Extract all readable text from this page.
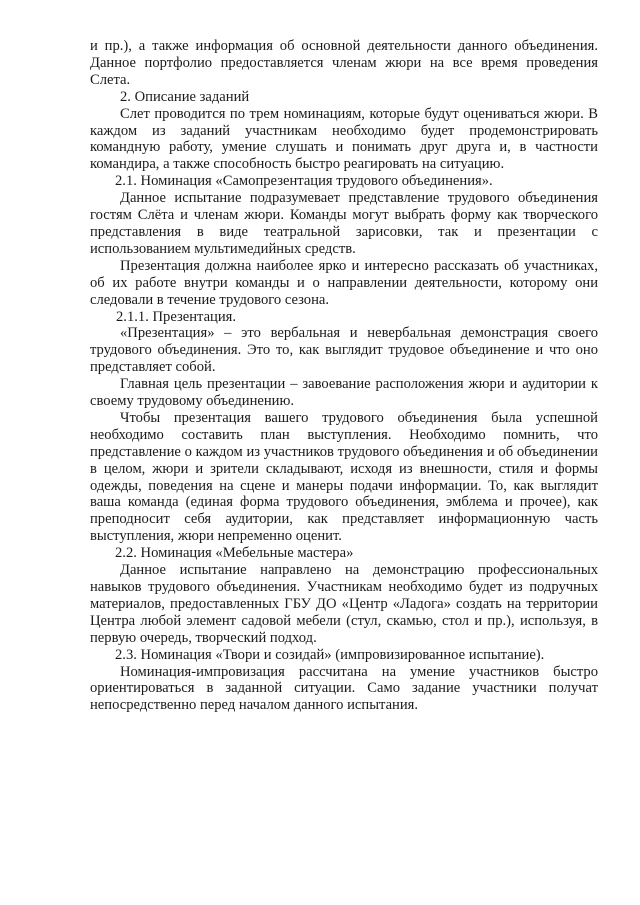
и пр.), а также информация об основной деятельности данного объединения. Данное портфолио предоставляется членам жюри на все время проведения Слета.

2. Описание заданий

Слет проводится по трем номинациям, которые будут оцениваться жюри. В каждом из заданий участникам необходимо будет продемонстрировать командную работу, умение слушать и понимать друг друга и, в частности командира, а также способность быстро реагировать на ситуацию.

2.1. Номинация «Самопрезентация трудового объединения».

Данное испытание подразумевает представление трудового объединения гостям Слёта и членам жюри. Команды могут выбрать форму как творческого представления в виде театральной зарисовки, так и презентации с использованием мультимедийных средств.

Презентация должна наиболее ярко и интересно рассказать об участниках, об их работе внутри команды и о направлении деятельности, которому они следовали в течение трудового сезона.

2.1.1. Презентация.

«Презентация» – это вербальная и невербальная демонстрация своего трудового объединения. Это то, как выглядит трудовое объединение и что оно представляет собой.

Главная цель презентации – завоевание расположения жюри и аудитории к своему трудовому объединению.

Чтобы презентация вашего трудового объединения была успешной необходимо составить план выступления. Необходимо помнить, что представление о каждом из участников трудового объединения и об объединении в целом, жюри и зрители складывают, исходя из внешности, стиля и формы одежды, поведения на сцене и манеры подачи информации. То, как выглядит ваша команда (единая форма трудового объединения, эмблема и прочее), как преподносит себя аудитории, как представляет информационную часть выступления, жюри непременно оценит.

2.2. Номинация «Мебельные мастера»

Данное испытание направлено на демонстрацию профессиональных навыков трудового объединения. Участникам необходимо будет из подручных материалов, предоставленных ГБУ ДО «Центр «Ладога» создать на территории Центра любой элемент садовой мебели (стул, скамью, стол и пр.), используя, в первую очередь, творческий подход.

2.3. Номинация «Твори и созидай» (импровизированное испытание).

Номинация-импровизация рассчитана на умение участников быстро ориентироваться в заданной ситуации. Само задание участники получат непосредственно перед началом данного испытания.
